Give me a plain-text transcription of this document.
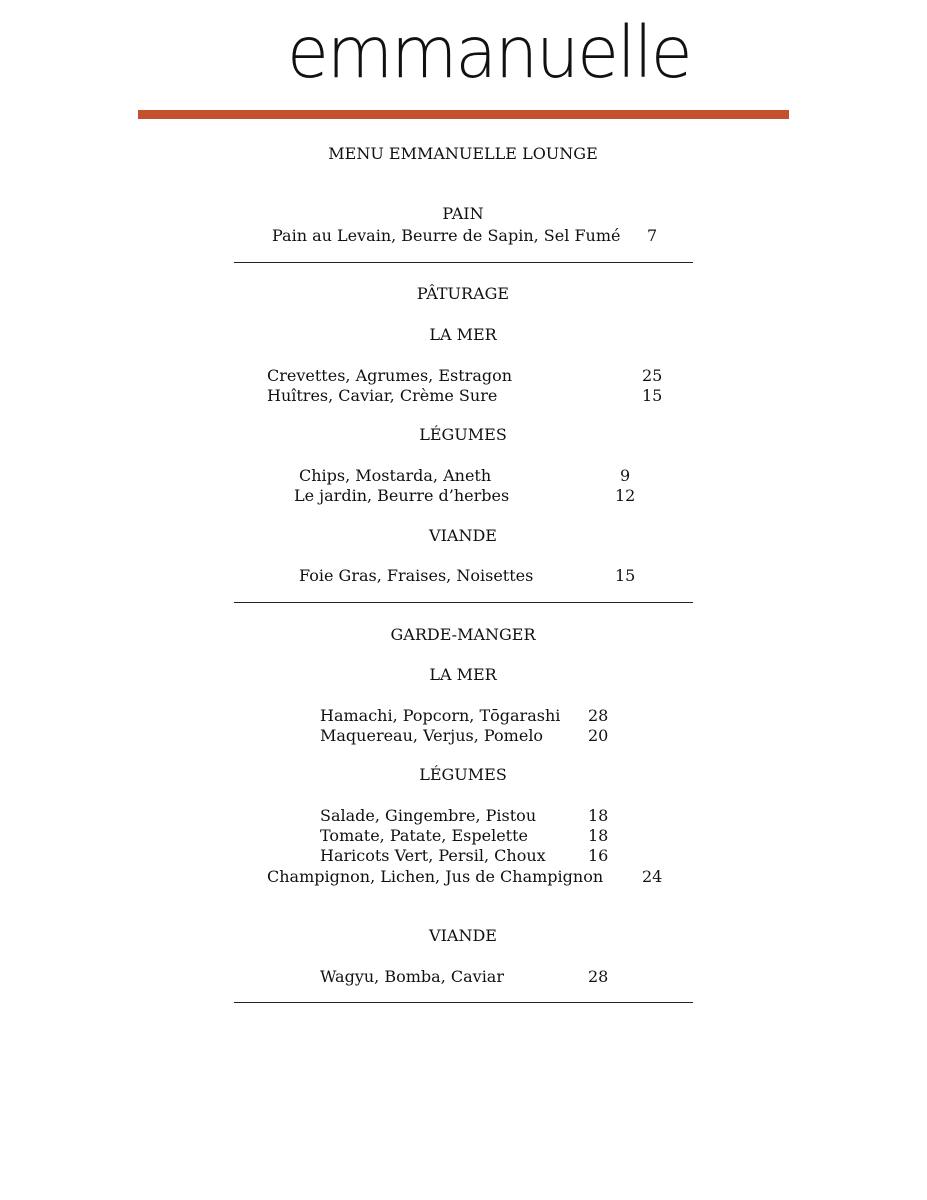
emmanuelle
MENU EMMANUELLE LOUNGE
PAIN
Pain au Levain, Beurre de Sapin, Sel Fumé 7
PÂTURAGE
LA MER
Crevettes, Agrumes, Estragon	25
Huîtres, Caviar, Crème Sure	15
LÉGUMES
Chips, Mostarda, Aneth	9
Le jardin, Beurre d’herbes	12
VIANDE
Foie Gras, Fraises, Noisettes	15
GARDE-MANGER
LA MER
Hamachi, Popcorn, Tōgarashi 28
Maquereau, Verjus, Pomelo	20
LÉGUMES
Salade, Gingembre, Pistou	18
Tomate, Patate, Espelette	18
Haricots Vert, Persil, Choux	16
Champignon, Lichen, Jus de Champignon 24
VIANDE
Wagyu, Bomba, Caviar	28
